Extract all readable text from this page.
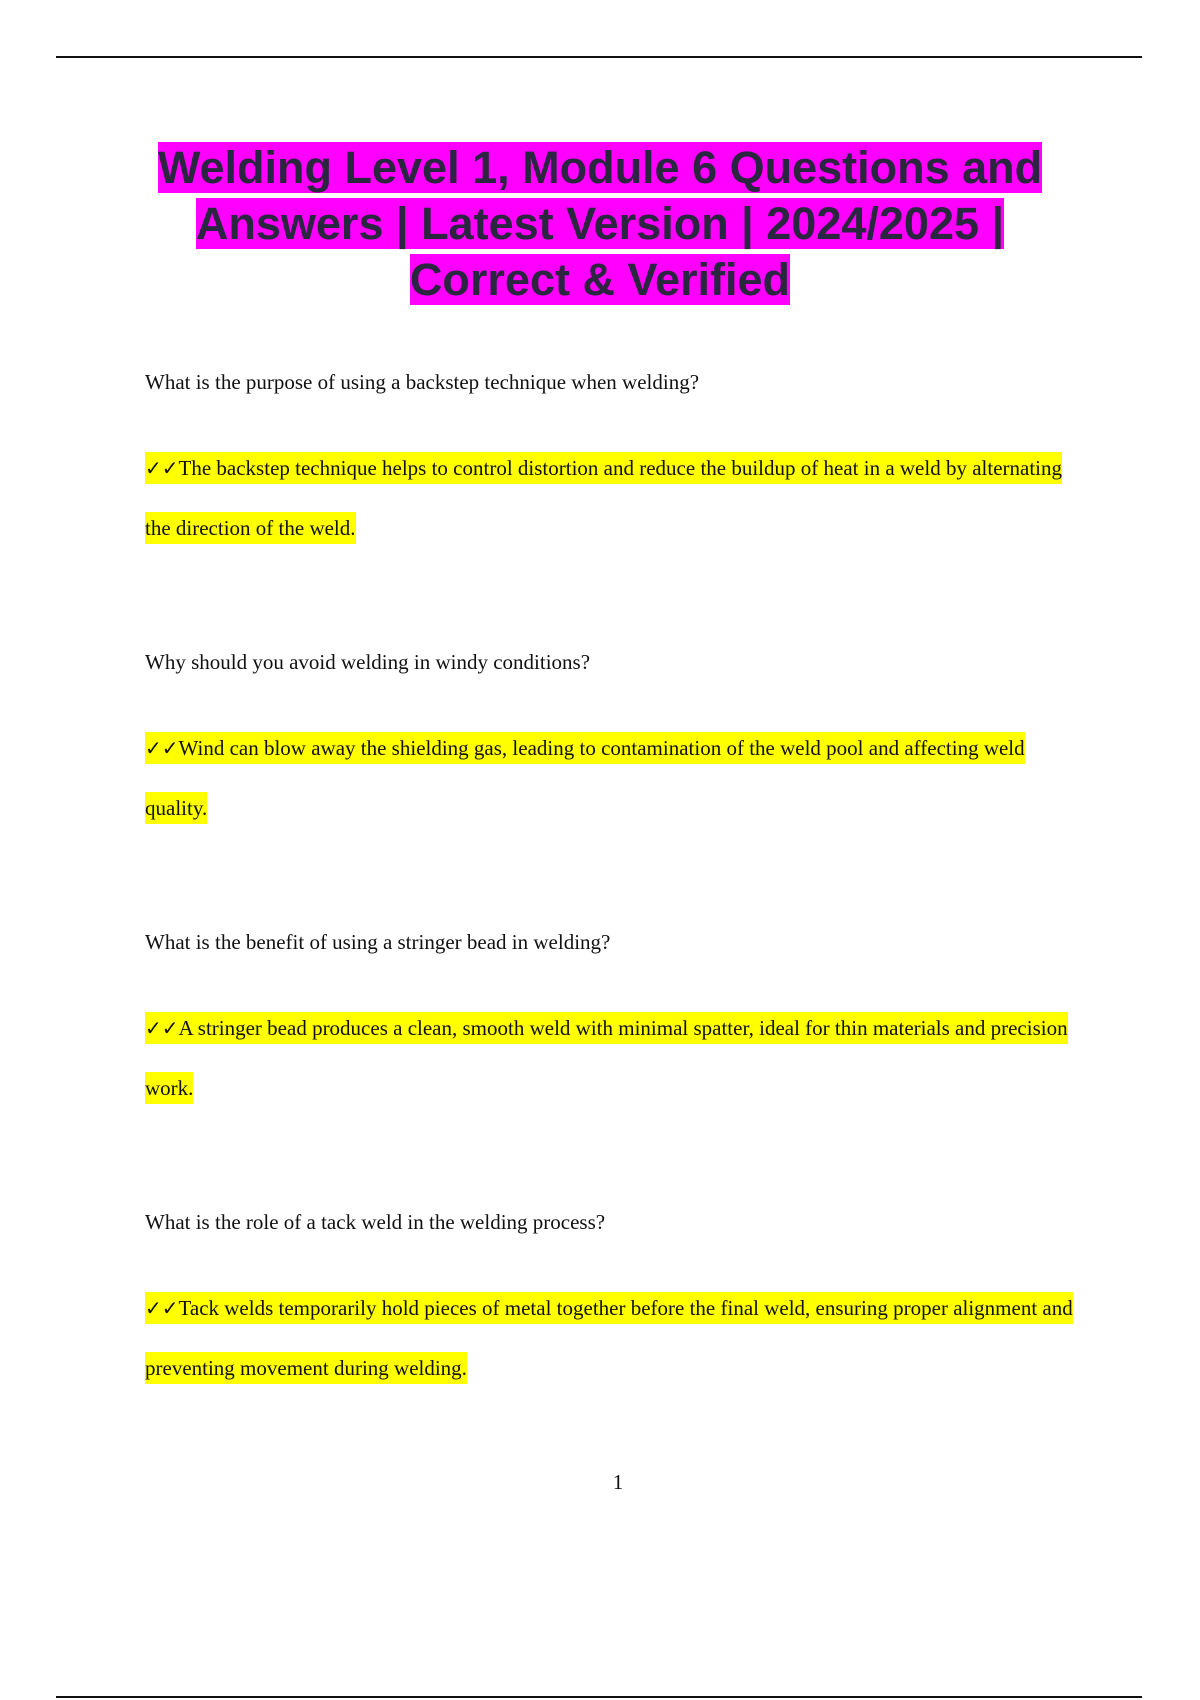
Welding Level 1, Module 6 Questions and Answers | Latest Version | 2024/2025 | Correct & Verified

What is the purpose of using a backstep technique when welding?

✓✓The backstep technique helps to control distortion and reduce the buildup of heat in a weld by alternating the direction of the weld.

Why should you avoid welding in windy conditions?

✓✓Wind can blow away the shielding gas, leading to contamination of the weld pool and affecting weld quality.

What is the benefit of using a stringer bead in welding?

✓✓A stringer bead produces a clean, smooth weld with minimal spatter, ideal for thin materials and precision work.

What is the role of a tack weld in the welding process?

✓✓Tack welds temporarily hold pieces of metal together before the final weld, ensuring proper alignment and preventing movement during welding.

1
